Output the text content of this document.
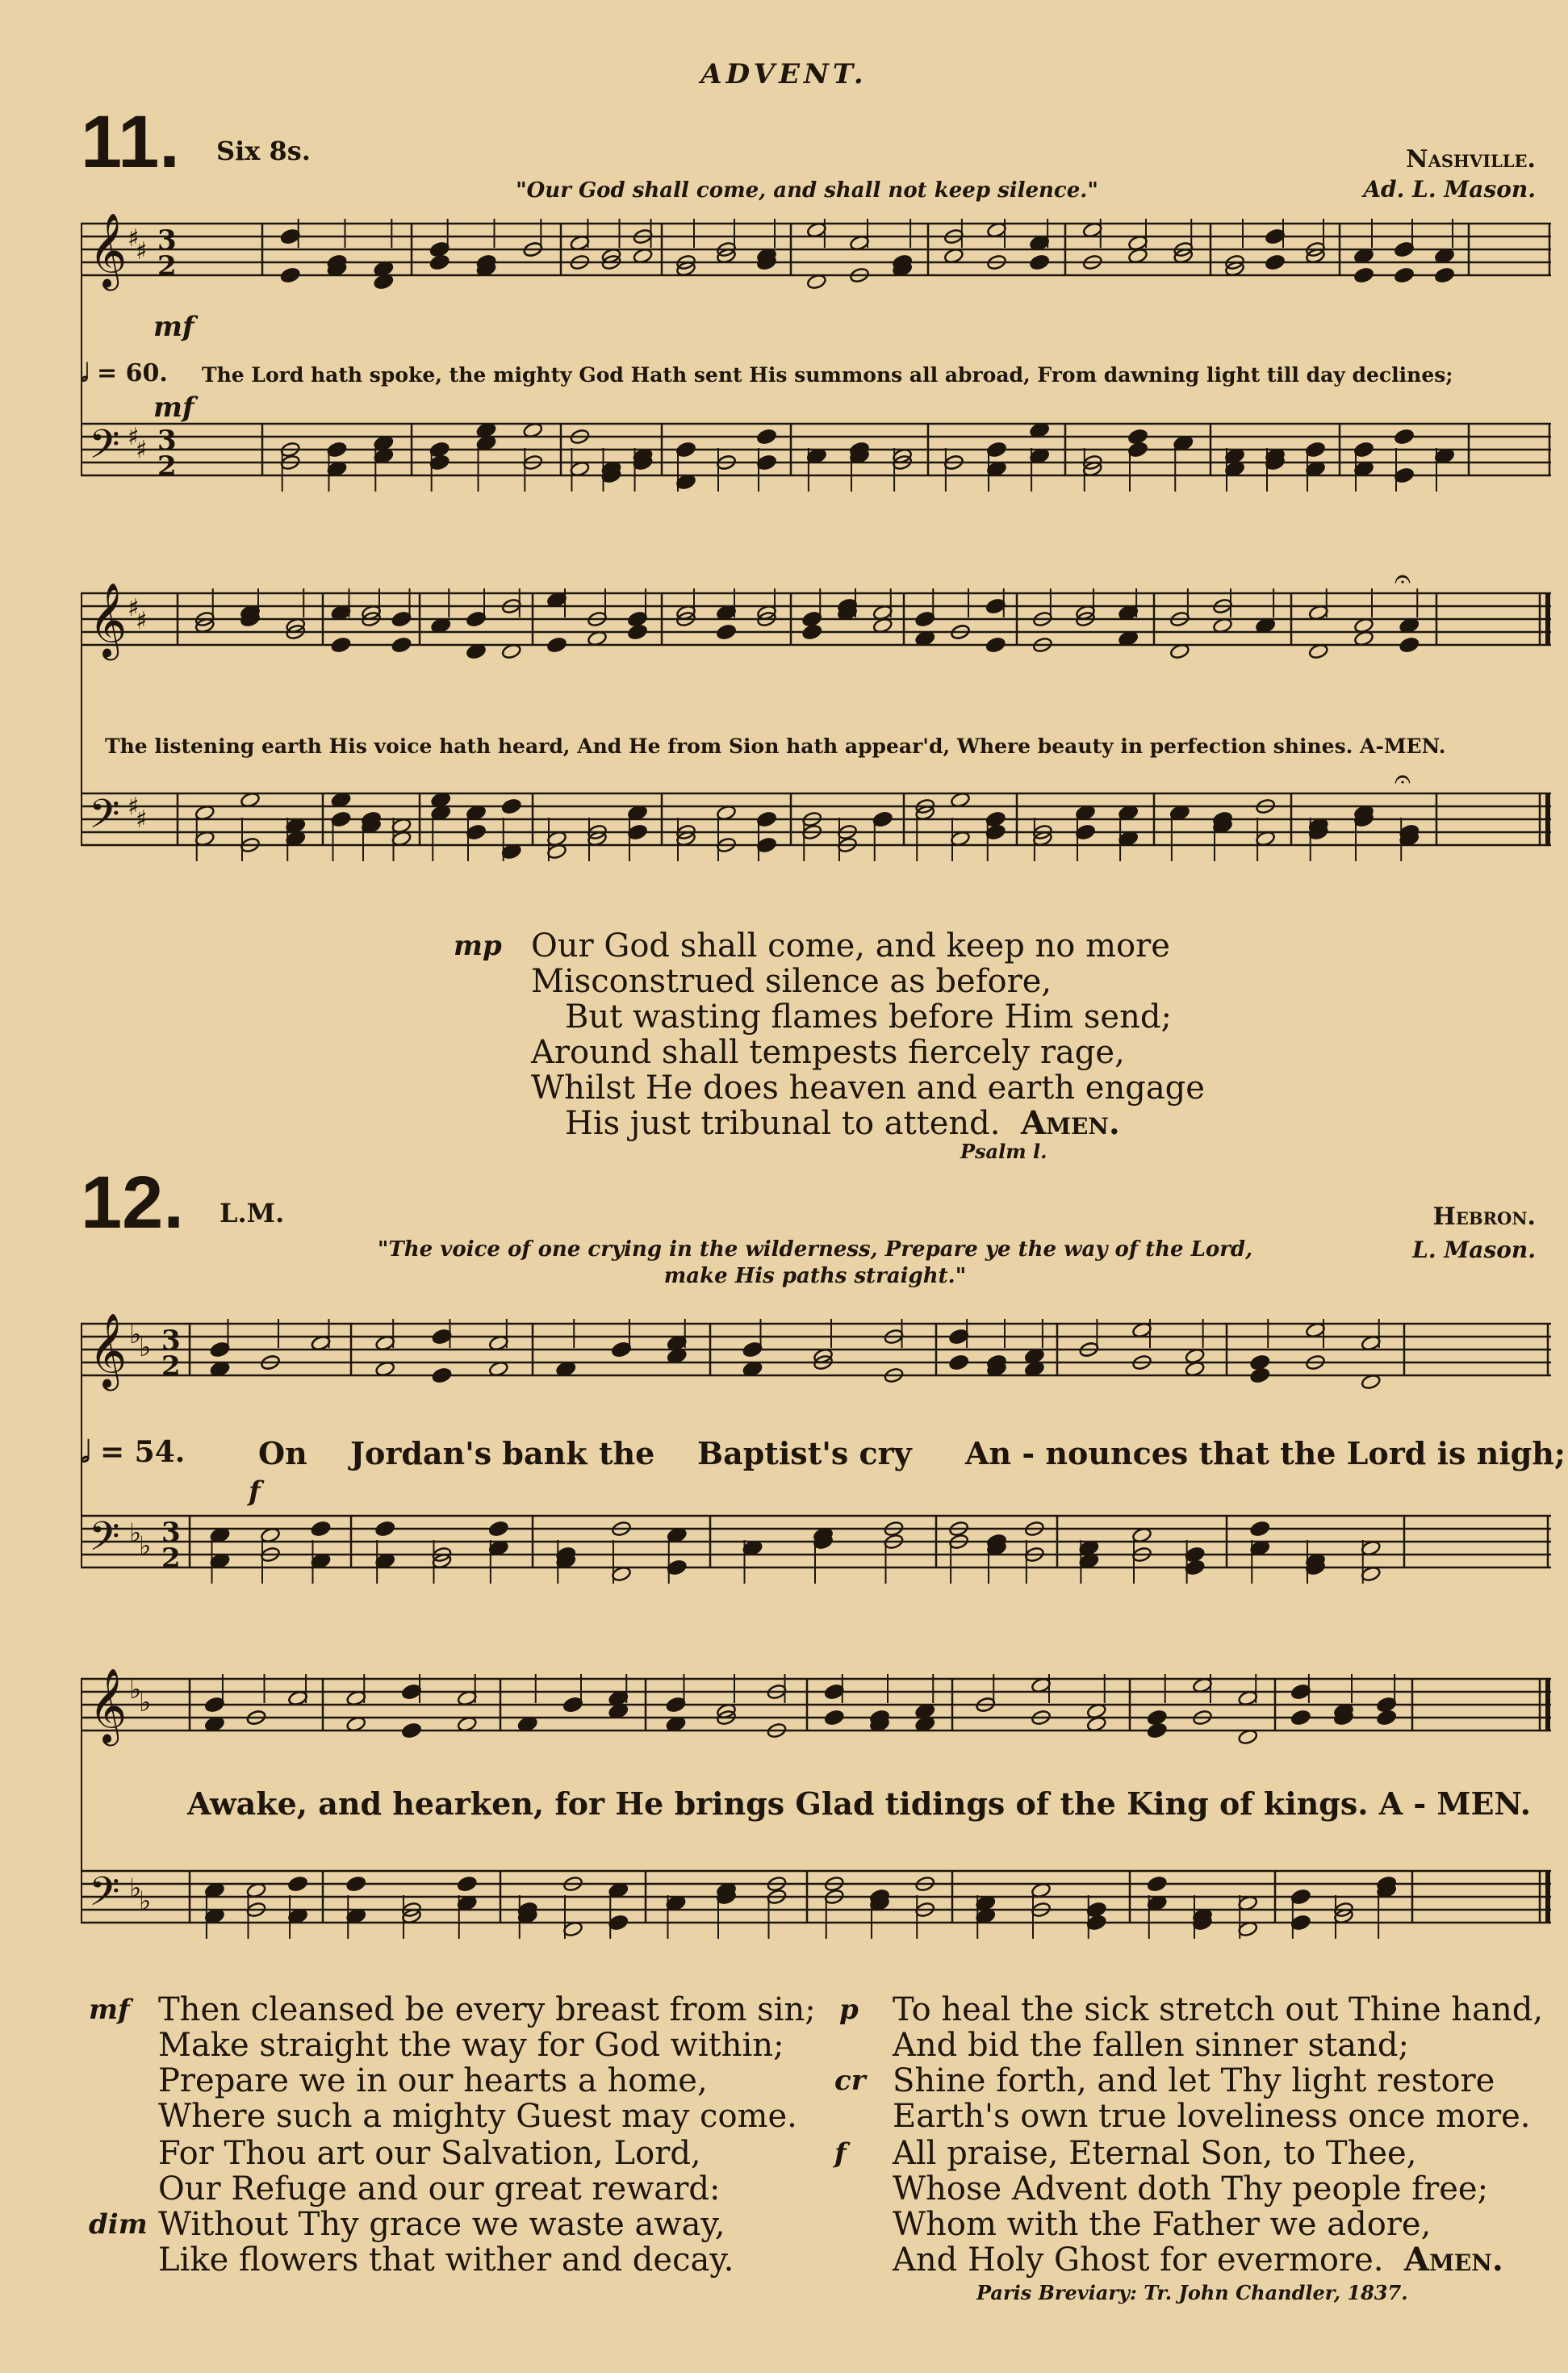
ADVENT.
11. Six 8s.	Nashville.
Ad. L. Mason.
"Our God shall come, and shall not keep silence."
𝄞
𝄢
♯
♯
♯
♯
3
2
3
2
mf
𝅗𝅥 = 60. The Lord hath spoke, the mighty God Hath sent His summons all abroad, From dawning light till day declines;
mf
𝄞
𝄢
♯
♯
♯
♯
𝄐
𝄐
The listening earth His voice hath heard, And He from Sion hath appear'd, Where beauty in perfection shines. A-MEN.
mp Our God shall come, and keep no more
Misconstrued silence as before,
But wasting flames before Him send;
Around shall tempests fiercely rage,
Whilst He does heaven and earth engage
His just tribunal to attend. Amen.
Psalm l.
12. L.M.	Hebron.
L. Mason.
"The voice of one crying in the wilderness, Prepare ye the way of the Lord, make His paths straight."
𝄞
𝄢
♭
♭
♭
♭
3
2
3
2
𝅗𝅥 = 54. On Jordan's bank the Baptist's cry An - nounces that the Lord is nigh;
f
𝄞
𝄢
♭
♭
♭
♭
Awake, and hearken, for He brings Glad tidings of the King of kings. A - MEN.
mf Then cleansed be every breast from sin;
Make straight the way for God within;
Prepare we in our hearts a home,
Where such a mighty Guest may come.
dim
For Thou art our Salvation, Lord,
Our Refuge and our great reward:
Without Thy grace we waste away,
Like flowers that wither and decay.
p
cr
To heal the sick stretch out Thine hand,
And bid the fallen sinner stand;
Shine forth, and let Thy light restore
Earth's own true loveliness once more.
f All praise, Eternal Son, to Thee,
Whose Advent doth Thy people free;
Whom with the Father we adore,
And Holy Ghost for evermore. Amen.
Paris Breviary: Tr. John Chandler, 1837.
